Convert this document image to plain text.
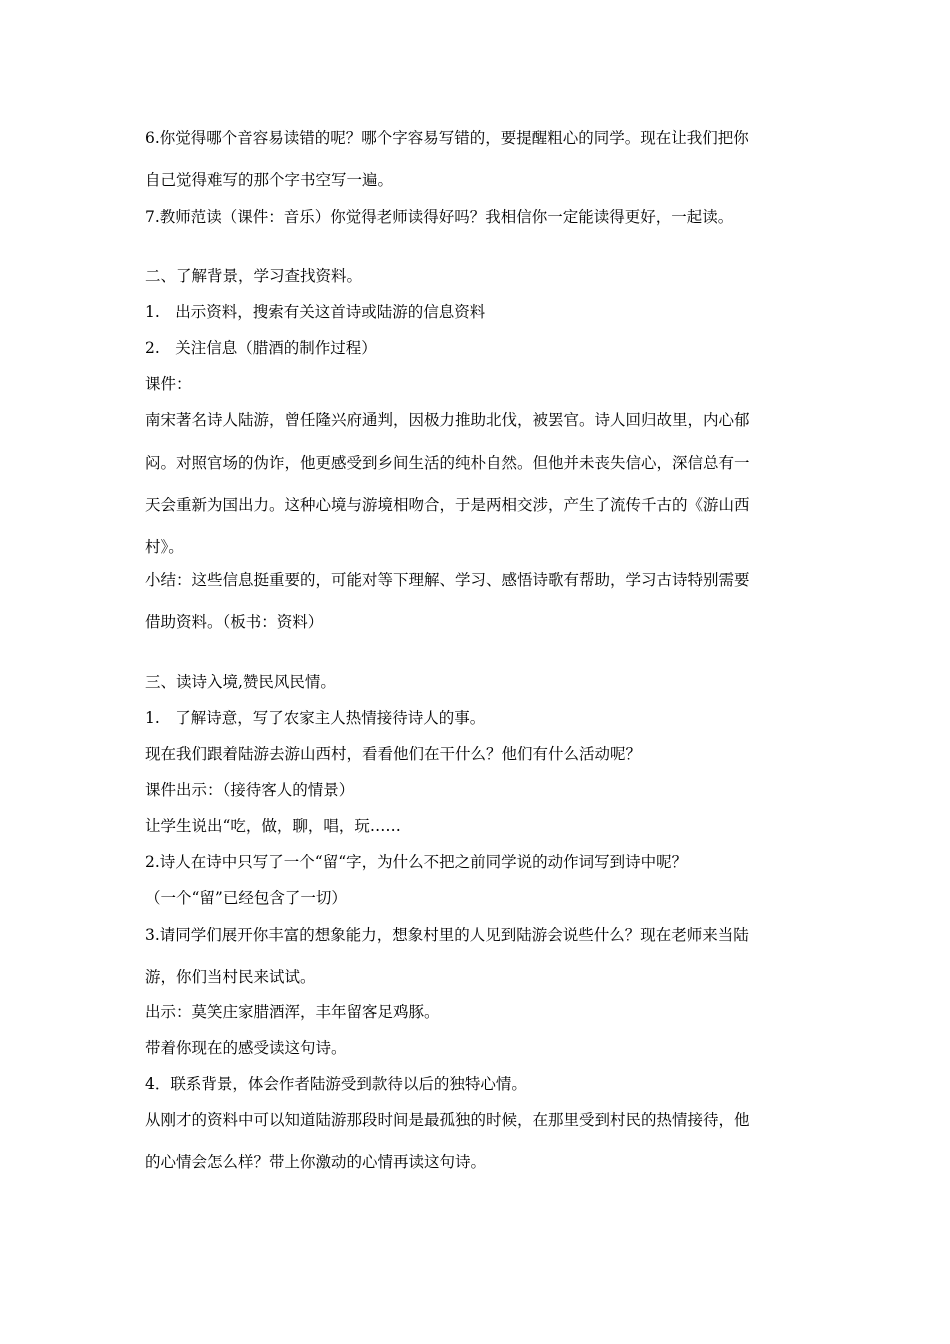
6.你觉得哪个音容易读错的呢？哪个字容易写错的，要提醒粗心的同学。现在让我们把你
自己觉得难写的那个字书空写一遍。
7.教师范读（课件：音乐）你觉得老师读得好吗？我相信你一定能读得更好，一起读。
二、了解背景，学习查找资料。
1.　出示资料，搜索有关这首诗或陆游的信息资料
2.　关注信息（腊酒的制作过程）
课件：
南宋著名诗人陆游，曾任隆兴府通判，因极力推助北伐，被罢官。诗人回归故里，内心郁
闷。对照官场的伪诈，他更感受到乡间生活的纯朴自然。但他并未丧失信心，深信总有一
天会重新为国出力。这种心境与游境相吻合，于是两相交涉，产生了流传千古的《游山西
村》。
小结：这些信息挺重要的，可能对等下理解、学习、感悟诗歌有帮助，学习古诗特别需要
借助资料。（板书：资料）
三、读诗入境,赞民风民情。
1.　了解诗意，写了农家主人热情接待诗人的事。
现在我们跟着陆游去游山西村，看看他们在干什么？他们有什么活动呢？
课件出示：（接待客人的情景）
让学生说出“吃，做，聊，唱，玩……
2.诗人在诗中只写了一个“留“字，为什么不把之前同学说的动作词写到诗中呢？
（一个“留”已经包含了一切）
3.请同学们展开你丰富的想象能力，想象村里的人见到陆游会说些什么？现在老师来当陆
游，你们当村民来试试。
出示：莫笑庄家腊酒浑，丰年留客足鸡豚。
带着你现在的感受读这句诗。
4．联系背景，体会作者陆游受到款待以后的独特心情。
从刚才的资料中可以知道陆游那段时间是最孤独的时候，在那里受到村民的热情接待，他
的心情会怎么样？带上你激动的心情再读这句诗。
